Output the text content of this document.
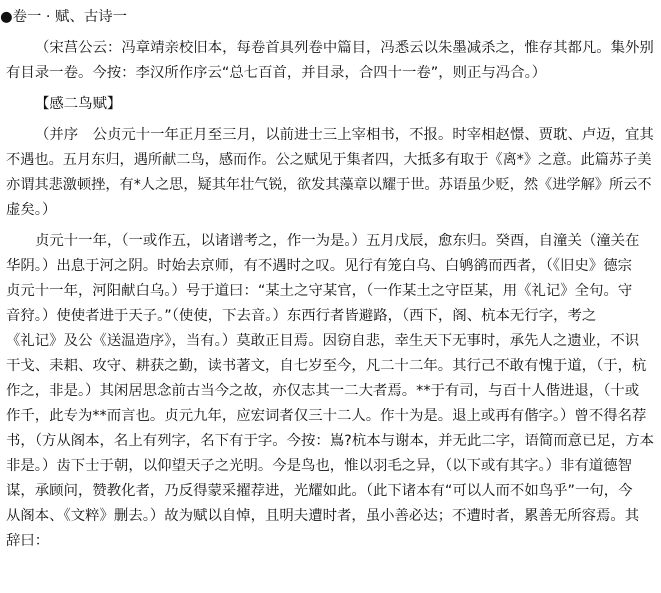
●卷一 · 赋、古诗一
（宋莒公云：冯章靖亲校旧本，每卷首具列卷中篇目，冯悉云以朱墨减杀之，惟存其都凡。集外别
有目录一卷。今按：李汉所作序云“总七百首，并目录，合四十一卷”，则正与冯合。）
【感二鸟赋】
（并序　公贞元十一年正月至三月，以前进士三上宰相书，不报。时宰相赵憬、贾耽、卢迈，宜其
不遇也。五月东归，遇所献二鸟，感而作。公之赋见于集者四，大抵多有取于《离*》之意。此篇苏子美
亦谓其悲激顿挫，有*人之思，疑其年壮气锐，欲发其藻章以耀于世。苏语虽少贬，然《进学解》所云不
虚矣。）
贞元十一年，（一或作五，以诸谱考之，作一为是。）五月戊辰，愈东归。癸酉，自潼关（潼关在
华阴。）出息于河之阴。时始去京师，有不遇时之叹。见行有笼白乌、白鸲鹆而西者，（《旧史》德宗
贞元十一年，河阳献白乌。）号于道曰：“某土之守某官，（一作某土之守臣某，用《礼记》全句。守
音狩。）使使者进于天子。”（使使，下去音。）东西行者皆避路，（西下，阁、杭本无行字，考之
《礼记》及公《送温造序》，当有。）莫敢正目焉。因窃自悲，幸生天下无事时，承先人之遗业，不识
干戈、耒耜、攻守、耕获之勤，读书著文，自七岁至今，凡二十二年。其行己不敢有愧于道，（于，杭
作之，非是。）其闲居思念前古当今之故，亦仅志其一二大者焉。**于有司，与百十人偕进退，（十或
作千，此专为**而言也。贞元九年，应宏词者仅三十二人。作十为是。退上或再有偕字。）曾不得名荐
书，（方从阁本，名上有列字，名下有于字。今按：嶌?杭本与谢本，并无此二字，语简而意已足，方本
非是。）齿下士于朝，以仰望天子之光明。今是鸟也，惟以羽毛之异，（以下或有其字。）非有道德智
谋，承顾问，赞教化者，乃反得蒙采擢荐进，光耀如此。（此下诸本有“可以人而不如鸟乎”一句，今
从阁本、《文粹》删去。）故为赋以自悼，且明夫遭时者，虽小善必达；不遭时者，累善无所容焉。其
辞曰：
